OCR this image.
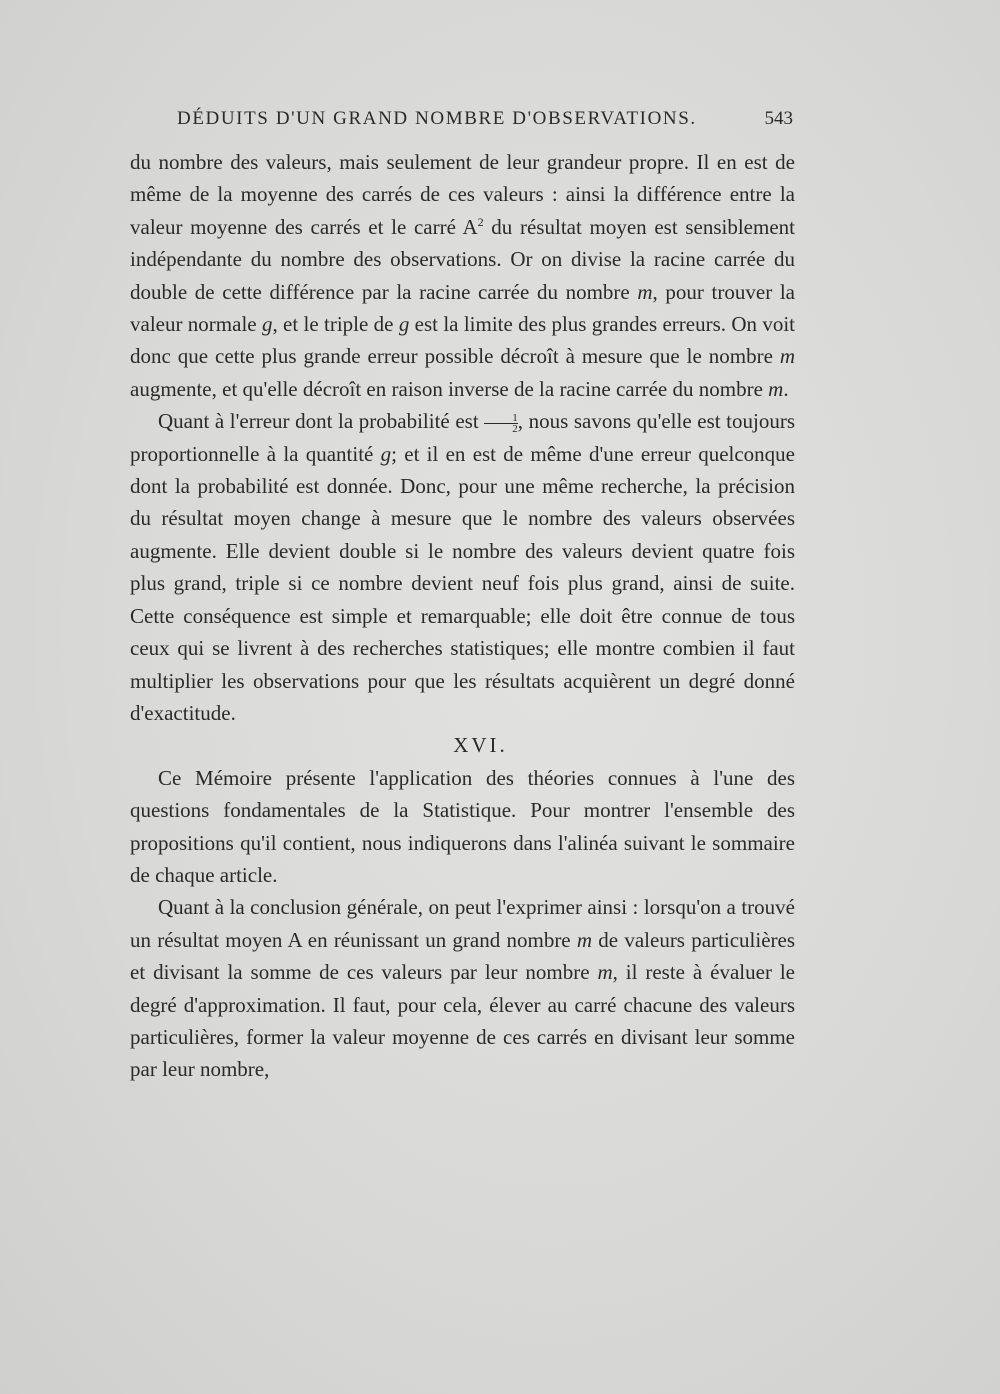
DÉDUITS D'UN GRAND NOMBRE D'OBSERVATIONS.	543

du nombre des valeurs, mais seulement de leur grandeur propre. Il en est de même de la moyenne des carrés de ces valeurs : ainsi la différence entre la valeur moyenne des carrés et le carré $A^2$ du résultat moyen est sensiblement indépendante du nombre des observations. Or on divise la racine carrée du double de cette différence par la racine carrée du nombre m, pour trouver la valeur normale g, et le triple de g est la limite des plus grandes erreurs. On voit donc que cette plus grande erreur possible décroît à mesure que le nombre m augmente, et qu'elle décroît en raison inverse de la racine carrée du nombre m.

Quant à l'erreur dont la probabilité est $\frac{1}{2}$ , nous savons qu'elle est toujours proportionnelle à la quantité g; et il en est de même d'une erreur quelconque dont la probabilité est donnée. Donc, pour une même recherche, la précision du résultat moyen change à mesure que le nombre des valeurs observées augmente. Elle devient double si le nombre des valeurs devient quatre fois plus grand, triple si ce nombre devient neuf fois plus grand, ainsi de suite. Cette conséquence est simple et remarquable; elle doit être connue de tous ceux qui se livrent à des recherches statistiques; elle montre combien il faut multiplier les observations pour que les résultats acquièrent un degré donné d'exactitude.

XVI.

Ce Mémoire présente l'application des théories connues à l'une des questions fondamentales de la Statistique. Pour montrer l'ensemble des propositions qu'il contient, nous indiquerons dans l'alinéa suivant le sommaire de chaque article.

Quant à la conclusion générale, on peut l'exprimer ainsi : lorsqu'on a trouvé un résultat moyen A en réunissant un grand nombre m de valeurs particulières et divisant la somme de ces valeurs par leur nombre m, il reste à évaluer le degré d'approximation. Il faut, pour cela, élever au carré chacune des valeurs particulières, former la valeur moyenne de ces carrés en divisant leur somme par leur nombre,
